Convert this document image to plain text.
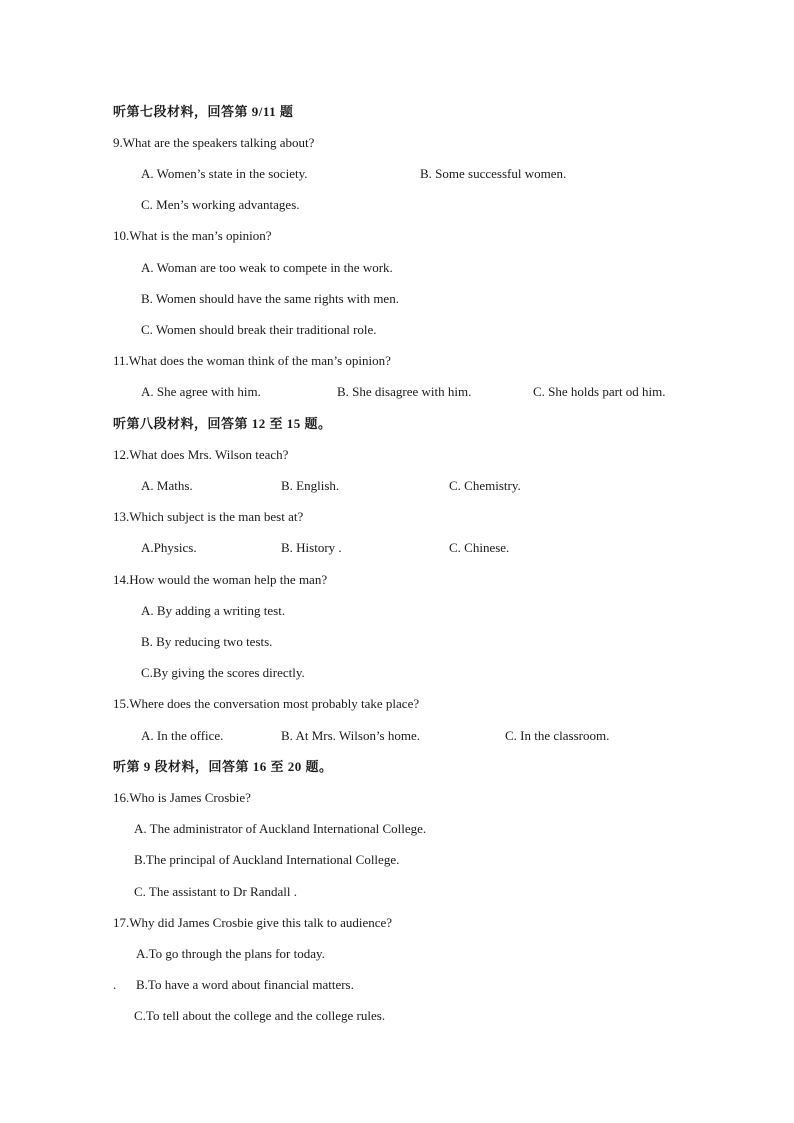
听第七段材料，回答第 9/11 题
9.What are the speakers talking about?
A. Women’s state in the society.	B. Some successful women.
C. Men’s working advantages.
10.What is the man’s opinion?
A. Woman are too weak to compete in the work.
B. Women should have the same rights with men.
C. Women should break their traditional role.
11.What does the woman think of the man’s opinion?
A. She agree with him.	B. She disagree with him.	C. She holds part od him.
听第八段材料，回答第 12 至 15 题。
12.What does Mrs. Wilson teach?
A. Maths.	B. English.	C. Chemistry.
13.Which subject is the man best at?
A.Physics.	B. History .	C. Chinese.
14.How would the woman help the man?
A. By adding a writing test.
B. By reducing two tests.
C.By giving the scores directly.
15.Where does the conversation most probably take place?
A. In the office.	B. At Mrs. Wilson’s home.	C. In the classroom.
听第 9 段材料，回答第 16 至 20 题。
16.Who is James Crosbie?
A. The administrator of Auckland International College.
B.The principal of Auckland International College.
C. The assistant to Dr Randall .
17.Why did James Crosbie give this talk to audience?
A.To go through the plans for today.
. B.To have a word about financial matters.
C.To tell about the college and the college rules.
